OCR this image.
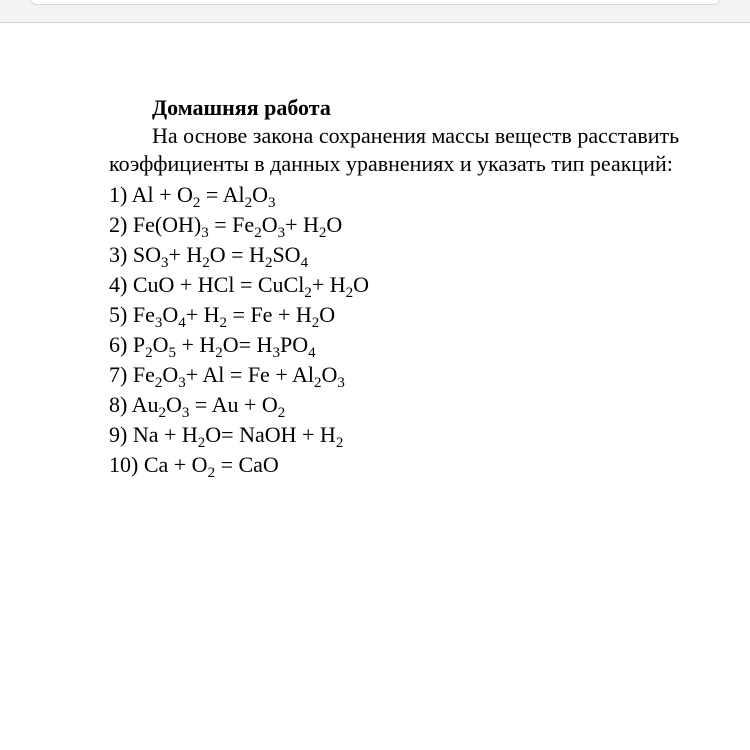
Домашняя работа

На основе закона сохранения массы веществ расставить коэффициенты в данных уравнениях и указать тип реакций:

1) $Al + O_2 = Al_2O_3$
2) $Fe(OH)_3 = Fe_2O_3+ H_2O$
3) $SO_3+ H_2O = H_2SO_4$
4) CuO + HCl = CuCl$_2$+ $H_2O$
5) $Fe_3O_4+ H_2 = Fe + H_2O$
6) $P_2O_5 + H_2O= H_3PO_4$
7) $Fe_2O_3+ Al = Fe + Al_2O_3$
8) $Au_2O_3 = Au + O_2$
9) $Na + H_2O=$ NaOH + $H_2$
10) $Ca + O_2$ = CaO
